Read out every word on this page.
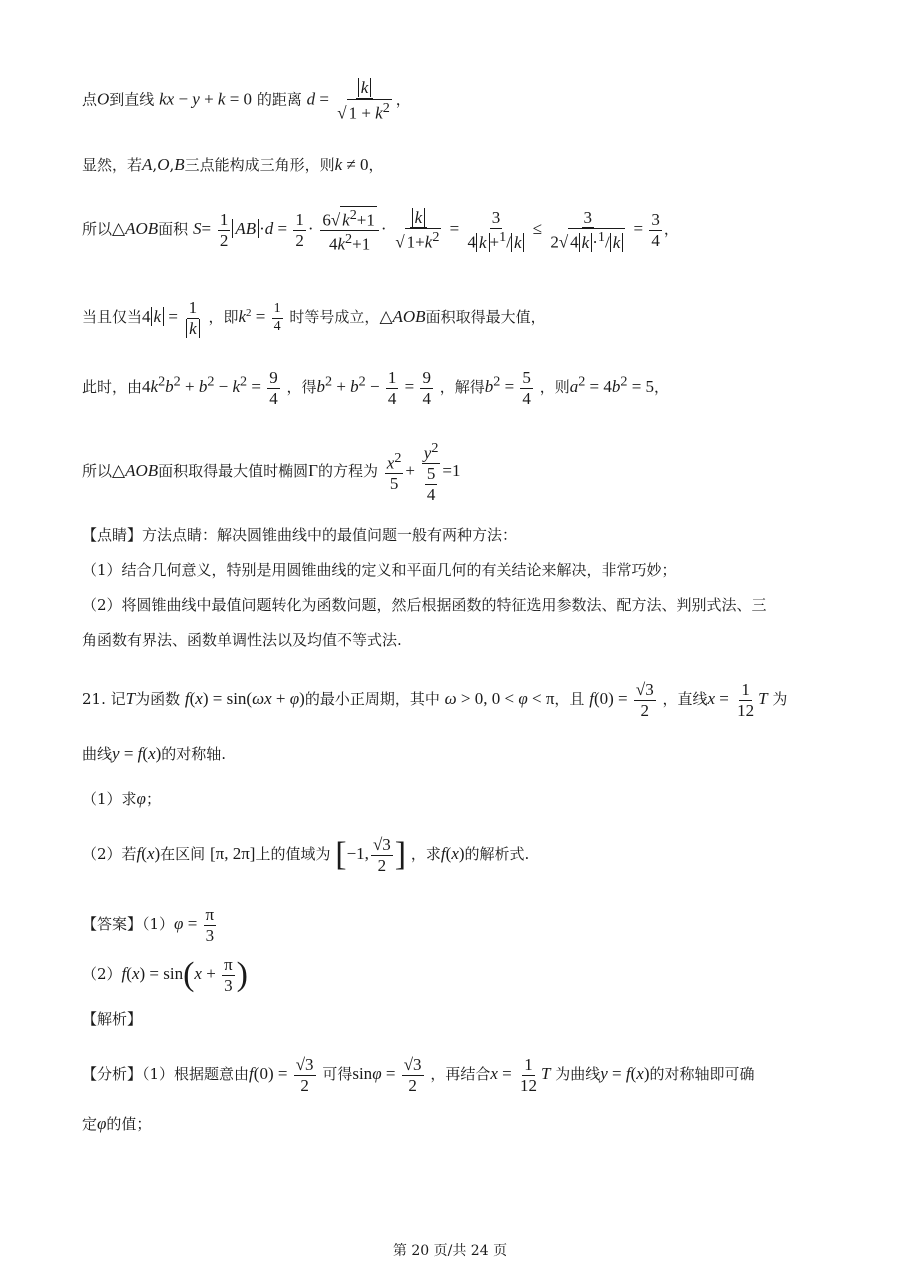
点O到直线 kx − y + k = 0 的距离 $d = \frac{k}{√ 1 + k^2}$ ，
显然，若A,O,B三点能构成三角形，则k ≠ 0，
所以△AOB面积 $S= \frac{1}{2}$ AB $\cdot d = \frac{1}{2} \cdot \frac{6√ k^2+1}{4k^2+1} \cdot \frac{k}{√ 1+k^2} = \frac{3}{4 k +^1/ k} \le \frac{3}{2√ 4 k \cdot^1/ k} = \frac{3}{4}$ ，
当且仅当4 $k = \frac{1}{k}$ ，即$k^2 = \frac{1}{4}$ 时等号成立，△AOB面积取得最大值，
此时，由$4k^2b^2 + b^2 - k^2 = \frac{9}{4}$ ，得$b^2 + b^2 - \frac{1}{4} = \frac{9}{4}$ ，解得$b^2 = \frac{5}{4}$ ，则$a^2 = 4b^2 = 5$，
所以△AOB面积取得最大值时椭圆Γ的方程为 $\frac{x^2}{5} + \frac{y^2}{\frac{5}{4}} =1$
【点睛】方法点睛：解决圆锥曲线中的最值问题一般有两种方法：
（1）结合几何意义，特别是用圆锥曲线的定义和平面几何的有关结论来解决，非常巧妙；
（2）将圆锥曲线中最值问题转化为函数问题，然后根据函数的特征选用参数法、配方法、判别式法、三
角函数有界法、函数单调性法以及均值不等式法.
21. 记T为函数 f(x) = sin(ωx + φ)的最小正周期，其中 ω > 0, 0 < φ < π，且 $f(0) = \frac{√3}{2}$ ，直线$x = \frac{1}{12}$ T 为
曲线y = f(x)的对称轴.
（1）求φ；
（2）若f(x)在区间 [π, 2π]上的值域为 [−1, $\frac{√3}{2}$ ] ，求f(x)的解析式.
【答案】$(1)\varphi = \frac{\pi}{3}$
$(2)f(x) = \sin(x + \frac{\pi}{3}$ )
【解析】
【分析】（1）根据题意由$f(0) = \frac{√3}{2}$ 可得$\sin\varphi = \frac{√3}{2}$ ，再结合$x = \frac{1}{12}$ T 为曲线y = f(x)的对称轴即可确
定φ的值；
第 20 页/共 24 页
